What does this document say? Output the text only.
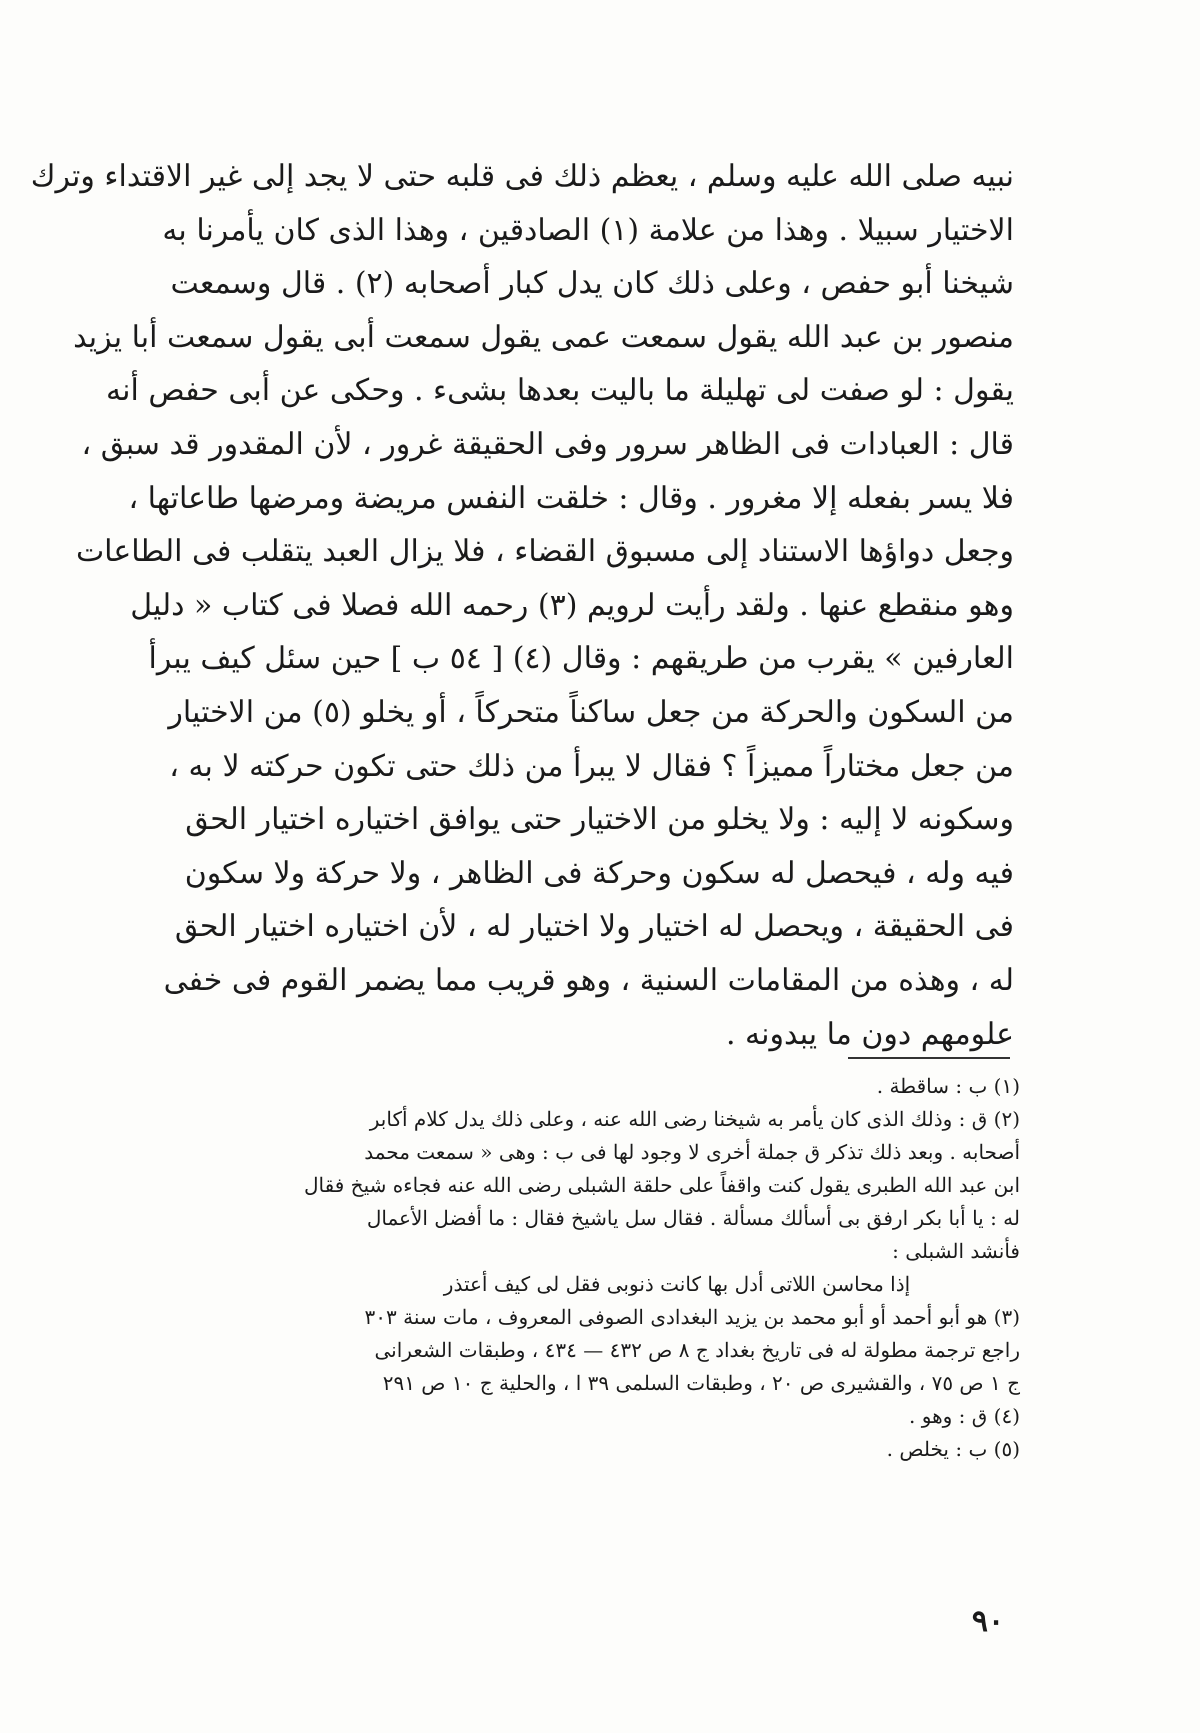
نبيه صلى الله عليه وسلم ، يعظم ذلك فى قلبه حتى لا يجد إلى غير الاقتداء وترك
الاختيار سبيلا . وهذا من علامة (١) الصادقين ، وهذا الذى كان يأمرنا به
شيخنا أبو حفص ، وعلى ذلك كان يدل كبار أصحابه (٢) . قال وسمعت
منصور بن عبد الله يقول سمعت عمى يقول سمعت أبى يقول سمعت أبا يزيد
يقول : لو صفت لى تهليلة ما باليت بعدها بشىء . وحكى عن أبى حفص أنه
قال : العبادات فى الظاهر سرور وفى الحقيقة غرور ، لأن المقدور قد سبق ،
فلا يسر بفعله إلا مغرور . وقال : خلقت النفس مريضة ومرضها طاعاتها ،
وجعل دواؤها الاستناد إلى مسبوق القضاء ، فلا يزال العبد يتقلب فى الطاعات
وهو منقطع عنها . ولقد رأيت لرويم (٣) رحمه الله فصلا فى كتاب « دليل
العارفين » يقرب من طريقهم : وقال (٤) [ ٥٤ ب ] حين سئل كيف يبرأ
من السكون والحركة من جعل ساكناً متحركاً ، أو يخلو (٥) من الاختيار
من جعل مختاراً مميزاً ؟ فقال لا يبرأ من ذلك حتى تكون حركته لا به ،
وسكونه لا إليه : ولا يخلو من الاختيار حتى يوافق اختياره اختيار الحق
فيه وله ، فيحصل له سكون وحركة فى الظاهر ، ولا حركة ولا سكون
فى الحقيقة ، ويحصل له اختيار ولا اختيار له ، لأن اختياره اختيار الحق
له ، وهذه من المقامات السنية ، وهو قريب مما يضمر القوم فى خفى
علومهم دون ما يبدونه .
(١) ب : ساقطة .
(٢) ق : وذلك الذى كان يأمر به شيخنا رضى الله عنه ، وعلى ذلك يدل كلام أكابر
أصحابه . وبعد ذلك تذكر ق جملة أخرى لا وجود لها فى ب : وهى « سمعت محمد
ابن عبد الله الطبرى يقول كنت واقفاً على حلقة الشبلى رضى الله عنه فجاءه شيخ فقال
له : يا أبا بكر ارفق بى أسألك مسألة . فقال سل ياشيخ فقال : ما أفضل الأعمال
فأنشد الشبلى :
إذا محاسن اللاتى أدل بها كانت ذنوبى فقل لى كيف أعتذر
(٣) هو أبو أحمد أو أبو محمد بن يزيد البغدادى الصوفى المعروف ، مات سنة ٣٠٣
راجع ترجمة مطولة له فى تاريخ بغداد ج ٨ ص ٤٣٢ — ٤٣٤ ، وطبقات الشعرانى
ج ١ ص ٧٥ ، والقشيرى ص ٢٠ ، وطبقات السلمى ٣٩ ا ، والحلية ج ١٠ ص ٢٩١
(٤) ق : وهو .
(٥) ب : يخلص .
٩٠
